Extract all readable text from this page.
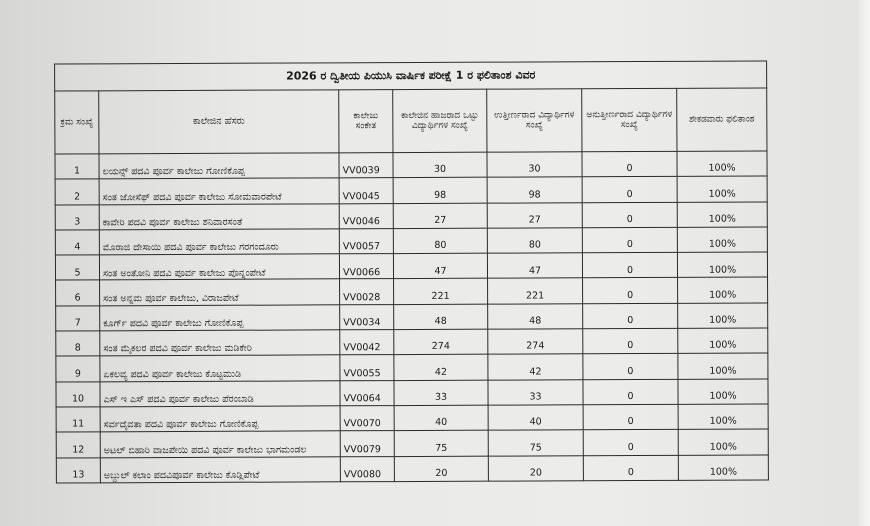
2026 ರ ದ್ವಿತೀಯ ಪಿಯುಸಿ ವಾರ್ಷಿಕ ಪರೀಕ್ಷೆ 1 ರ ಫಲಿತಾಂಶ ವಿವರ						
ಕ್ರಮ ಸಂಖ್ಯೆ	ಕಾಲೇಜಿನ ಹೆಸರು	ಕಾಲೇಜು ಸಂಕೇತ	ಕಾಲೇಜಿನ ಹಾಜರಾದ ಒಟ್ಟು ವಿದ್ಯಾರ್ಥಿಗಳ ಸಂಖ್ಯೆ	ಉತ್ತೀರ್ಣರಾದ ವಿದ್ಯಾರ್ಥಿಗಳ ಸಂಖ್ಯೆ	ಅನುತ್ತೀರ್ಣರಾದ ವಿದ್ಯಾರ್ಥಿಗಳ ಸಂಖ್ಯೆ	ಶೇಕಡವಾರು ಫಲಿತಾಂಶ
1	ಲಯನ್ಸ್ ಪದವಿ ಪೂರ್ವ ಕಾಲೇಜು ಗೋಣಿಕೊಪ್ಪ	VV0039	30	30	0	100%
2	ಸಂತ ಜೋಸೆಫ್ ಪದವಿ ಪೂರ್ವ ಕಾಲೇಜು ಸೋಮವಾರಪೇಟೆ	VV0045	98	98	0	100%
3	ಕಾವೇರಿ ಪದವಿ ಪೂರ್ವ ಕಾಲೇಜು ಶನಿವಾರಸಂತೆ	VV0046	27	27	0	100%
4	ಮೊರಾಜಿ ದೇಸಾಯಿ ಪದವಿ ಪೂರ್ವ ಕಾಲೇಜು ಗರಗಂದೂರು	VV0057	80	80	0	100%
5	ಸಂತ ಅಂತೋನಿ ಪದವಿ ಪೂರ್ವ ಕಾಲೇಜು ಪೊನ್ನಂಪೇಟೆ	VV0066	47	47	0	100%
6	ಸಂತ ಅನ್ನಮ ಪೂರ್ವ ಕಾಲೇಜು, ವಿರಾಜಪೇಟೆ	VV0028	221	221	0	100%
7	ಕೂರ್ಗ್ ಪದವಿ ಪೂರ್ವ ಕಾಲೇಜು ಗೋಣಿಕೊಪ್ಪ	VV0034	48	48	0	100%
8	ಸಂತ ಮೈಕಲರ ಪದವಿ ಪೂರ್ವ ಕಾಲೇಜು ಮಡಿಕೇರಿ	VV0042	274	274	0	100%
9	ಏಕಲವ್ಯ ಪದವಿ ಪೂರ್ವ ಕಾಲೇಜು ಕೊಟ್ಟಮುಡಿ	VV0055	42	42	0	100%
10	ಎಸ್ ಇ ಎಸ್ ಪದವಿ ಪೂರ್ವ ಕಾಲೇಜು ಪೆರಂಬಾಡಿ	VV0064	33	33	0	100%
11	ಸರ್ವದೈವತಾ ಪದವಿ ಪೂರ್ವ ಕಾಲೇಜು ಗೋಣಿಕೊಪ್ಪ	VV0070	40	40	0	100%
12	ಅಟಲ್ ಬಿಹಾರಿ ವಾಜಪೇಯಿ ಪದವಿ ಪೂರ್ವ ಕಾಲೇಜು ಭಾಗಮಂಡಲ	VV0079	75	75	0	100%
13	ಅಬ್ದುಲ್ ಕಲಾಂ ಪದವಿಪೂರ್ವ ಕಾಲೇಜು ಕೊಡ್ಲಿಪೇಟೆ	VV0080	20	20	0	100%
